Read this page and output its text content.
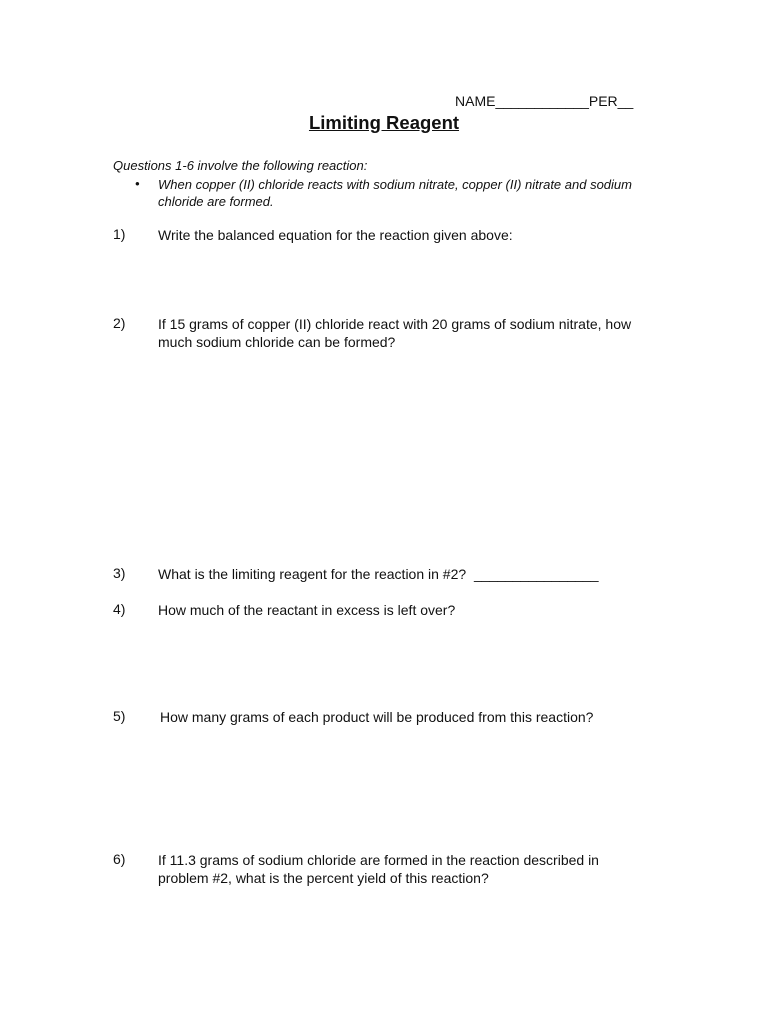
NAME____________PER__
Limiting Reagent
Questions 1-6 involve the following reaction:
• When copper (II) chloride reacts with sodium nitrate, copper (II) nitrate and sodium chloride are formed.
1) Write the balanced equation for the reaction given above:
2) If 15 grams of copper (II) chloride react with 20 grams of sodium nitrate, how much sodium chloride can be formed?
3) What is the limiting reagent for the reaction in #2?  ________________
4) How much of the reactant in excess is left over?
5) How many grams of each product will be produced from this reaction?
6) If 11.3 grams of sodium chloride are formed in the reaction described in problem #2, what is the percent yield of this reaction?
